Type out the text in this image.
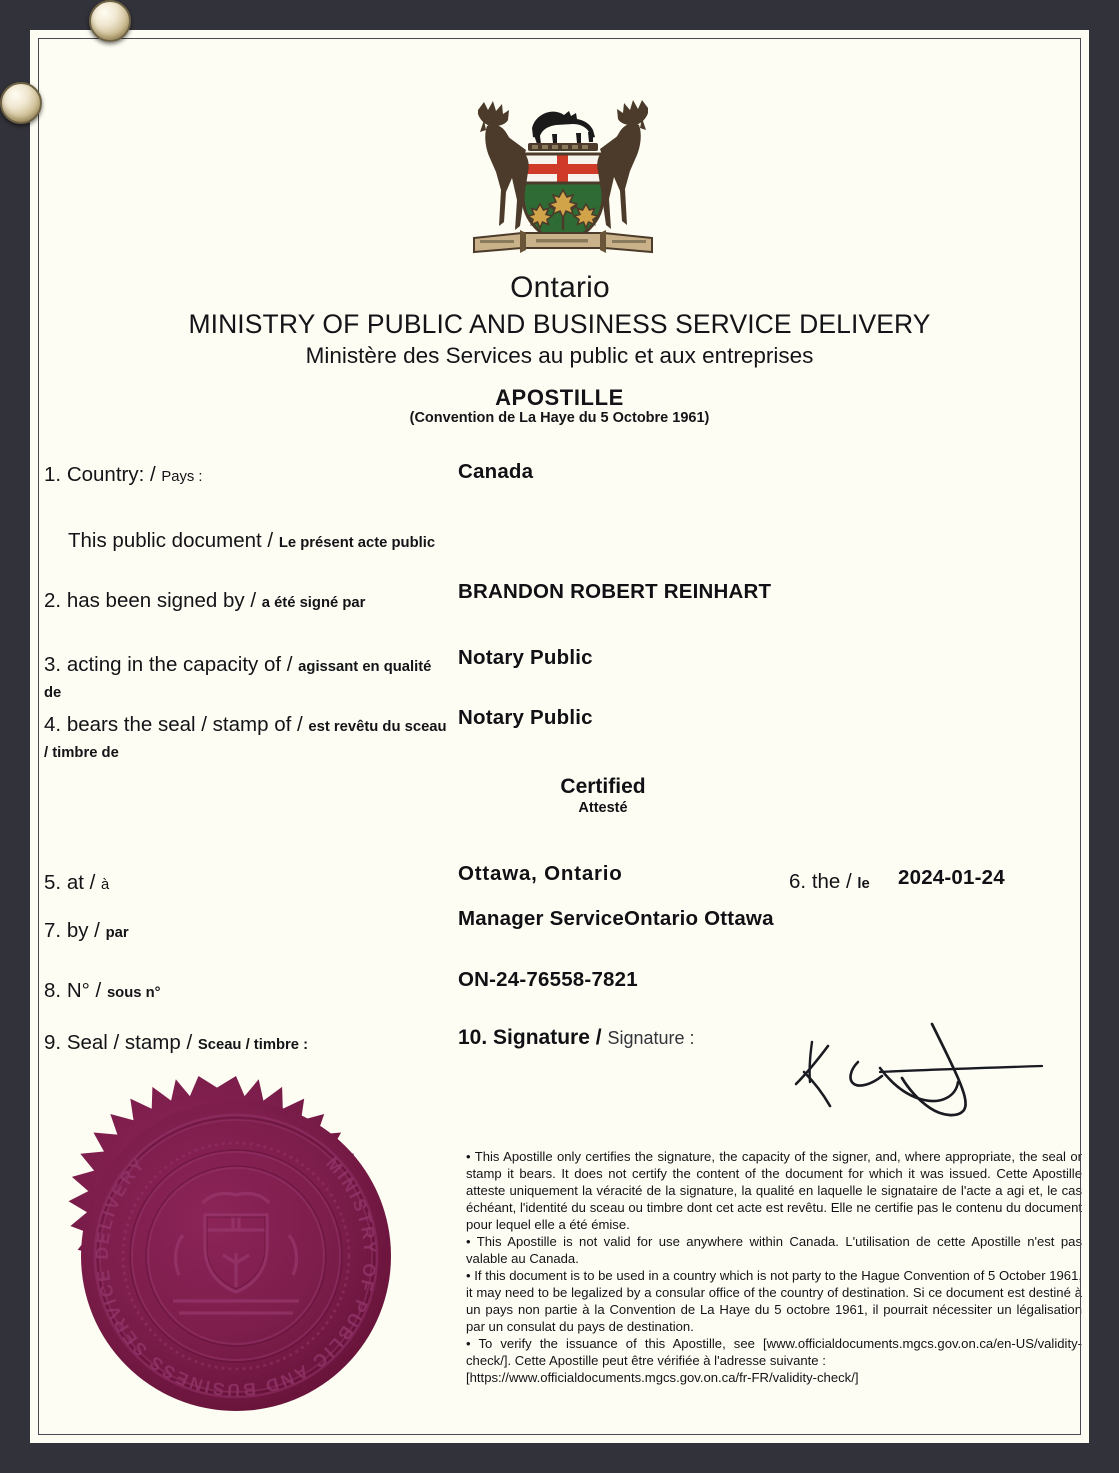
Ontario
MINISTRY OF PUBLIC AND BUSINESS SERVICE DELIVERY
Ministère des Services au public et aux entreprises
APOSTILLE
(Convention de La Haye du 5 Octobre 1961)
1. Country: / Pays :	Canada
This public document / Le présent acte public
2. has been signed by / a été signé par	BRANDON ROBERT REINHART
3. acting in the capacity of / agissant en qualité de
Notary Public
4. bears the seal / stamp of / est revêtu du sceau / timbre de
Notary Public
Certified
Attesté
5. at / à	Ottawa, Ontario	6. the / le 2024-01-24
7. by / par
Manager ServiceOntario Ottawa
8. N° / sous n°
ON-24-76558-7821
9. Seal / stamp / Sceau / timbre :	10. Signature / Signature :
MINISTRY OF PUBLIC AND BUSINESS SERVICE DELIVERY	• This Apostille only certifies the signature, the capacity of the signer, and, where appropriate, the seal or stamp it bears. It does not certify the content of the document for which it was issued. Cette Apostille atteste uniquement la véracité de la signature, la qualité en laquelle le signataire de l'acte a agi et, le cas échéant, l'identité du sceau ou timbre dont cet acte est revêtu. Elle ne certifie pas le contenu du document pour lequel elle a été émise.

• This Apostille is not valid for use anywhere within Canada. L'utilisation de cette Apostille n'est pas valable au Canada.

• If this document is to be used in a country which is not party to the Hague Convention of 5 October 1961, it may need to be legalized by a consular office of the country of destination. Si ce document est destiné à un pays non partie à la Convention de La Haye du 5 octobre 1961, il pourrait nécessiter un légalisation par un consulat du pays de destination.

• To verify the issuance of this Apostille, see [www.officialdocuments.mgcs.gov.on.ca/en-US/validity-check/]. Cette Apostille peut être vérifiée à l'adresse suivante :

[https://www.officialdocuments.mgcs.gov.on.ca/fr-FR/validity-check/]
